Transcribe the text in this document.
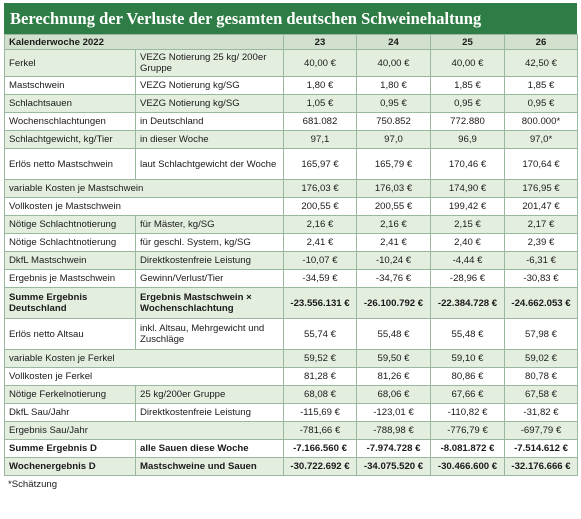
Berechnung der Verluste der gesamten deutschen Schweinehaltung
Kalenderwoche 2022		23	24	25	26
Ferkel	VEZG Notierung 25 kg/ 200er Gruppe	40,00 €	40,00 €	40,00 €	42,50 €
Mastschwein	VEZG Notierung kg/SG	1,80 €	1,80 €	1,85 €	1,85 €
Schlachtsauen	VEZG Notierung kg/SG	1,05 €	0,95 €	0,95 €	0,95 €
Wochenschlachtungen	in Deutschland	681.082	750.852	772.880	800.000*
Schlachtgewicht, kg/Tier	in dieser Woche	97,1	97,0	96,9	97,0*
Erlös netto Mastschwein	laut Schlachtgewicht der Woche	165,97 €	165,79 €	170,46 €	170,64 €
variable Kosten je Mastschwein		176,03 €	176,03 €	174,90 €	176,95 €
Vollkosten je Mastschwein		200,55 €	200,55 €	199,42 €	201,47 €
Nötige Schlachtnotierung	für Mäster, kg/SG	2,16 €	2,16 €	2,15 €	2,17 €
Nötige Schlachtnotierung	für geschl. System, kg/SG	2,41 €	2,41 €	2,40 €	2,39 €
DkfL Mastschwein	Direktkostenfreie Leistung	-10,07 €	-10,24 €	-4,44 €	-6,31 €
Ergebnis je Mastschwein	Gewinn/Verlust/Tier	-34,59 €	-34,76 €	-28,96 €	-30,83 €
Summe Ergebnis Deutschland	Ergebnis Mastschwein × Wochenschlachtung	-23.556.131 €	-26.100.792 €	-22.384.728 €	-24.662.053 €
Erlös netto Altsau	inkl. Altsau, Mehrgewicht und Zuschläge	55,74 €	55,48 €	55,48 €	57,98 €
variable Kosten je Ferkel		59,52 €	59,50 €	59,10 €	59,02 €
Vollkosten je Ferkel		81,28 €	81,26 €	80,86 €	80,78 €
Nötige Ferkelnotierung	25 kg/200er Gruppe	68,08 €	68,06 €	67,66 €	67,58 €
DkfL Sau/Jahr	Direktkostenfreie Leistung	-115,69 €	-123,01 €	-110,82 €	-31,82 €
Ergebnis Sau/Jahr		-781,66 €	-788,98 €	-776,79 €	-697,79 €
Summe Ergebnis D	alle Sauen diese Woche	-7.166.560 €	-7.974.728 €	-8.081.872 €	-7.514.612 €
Wochenergebnis D	Mastschweine und Sauen	-30.722.692 €	-34.075.520 €	-30.466.600 €	-32.176.666 €
*Schätzung
